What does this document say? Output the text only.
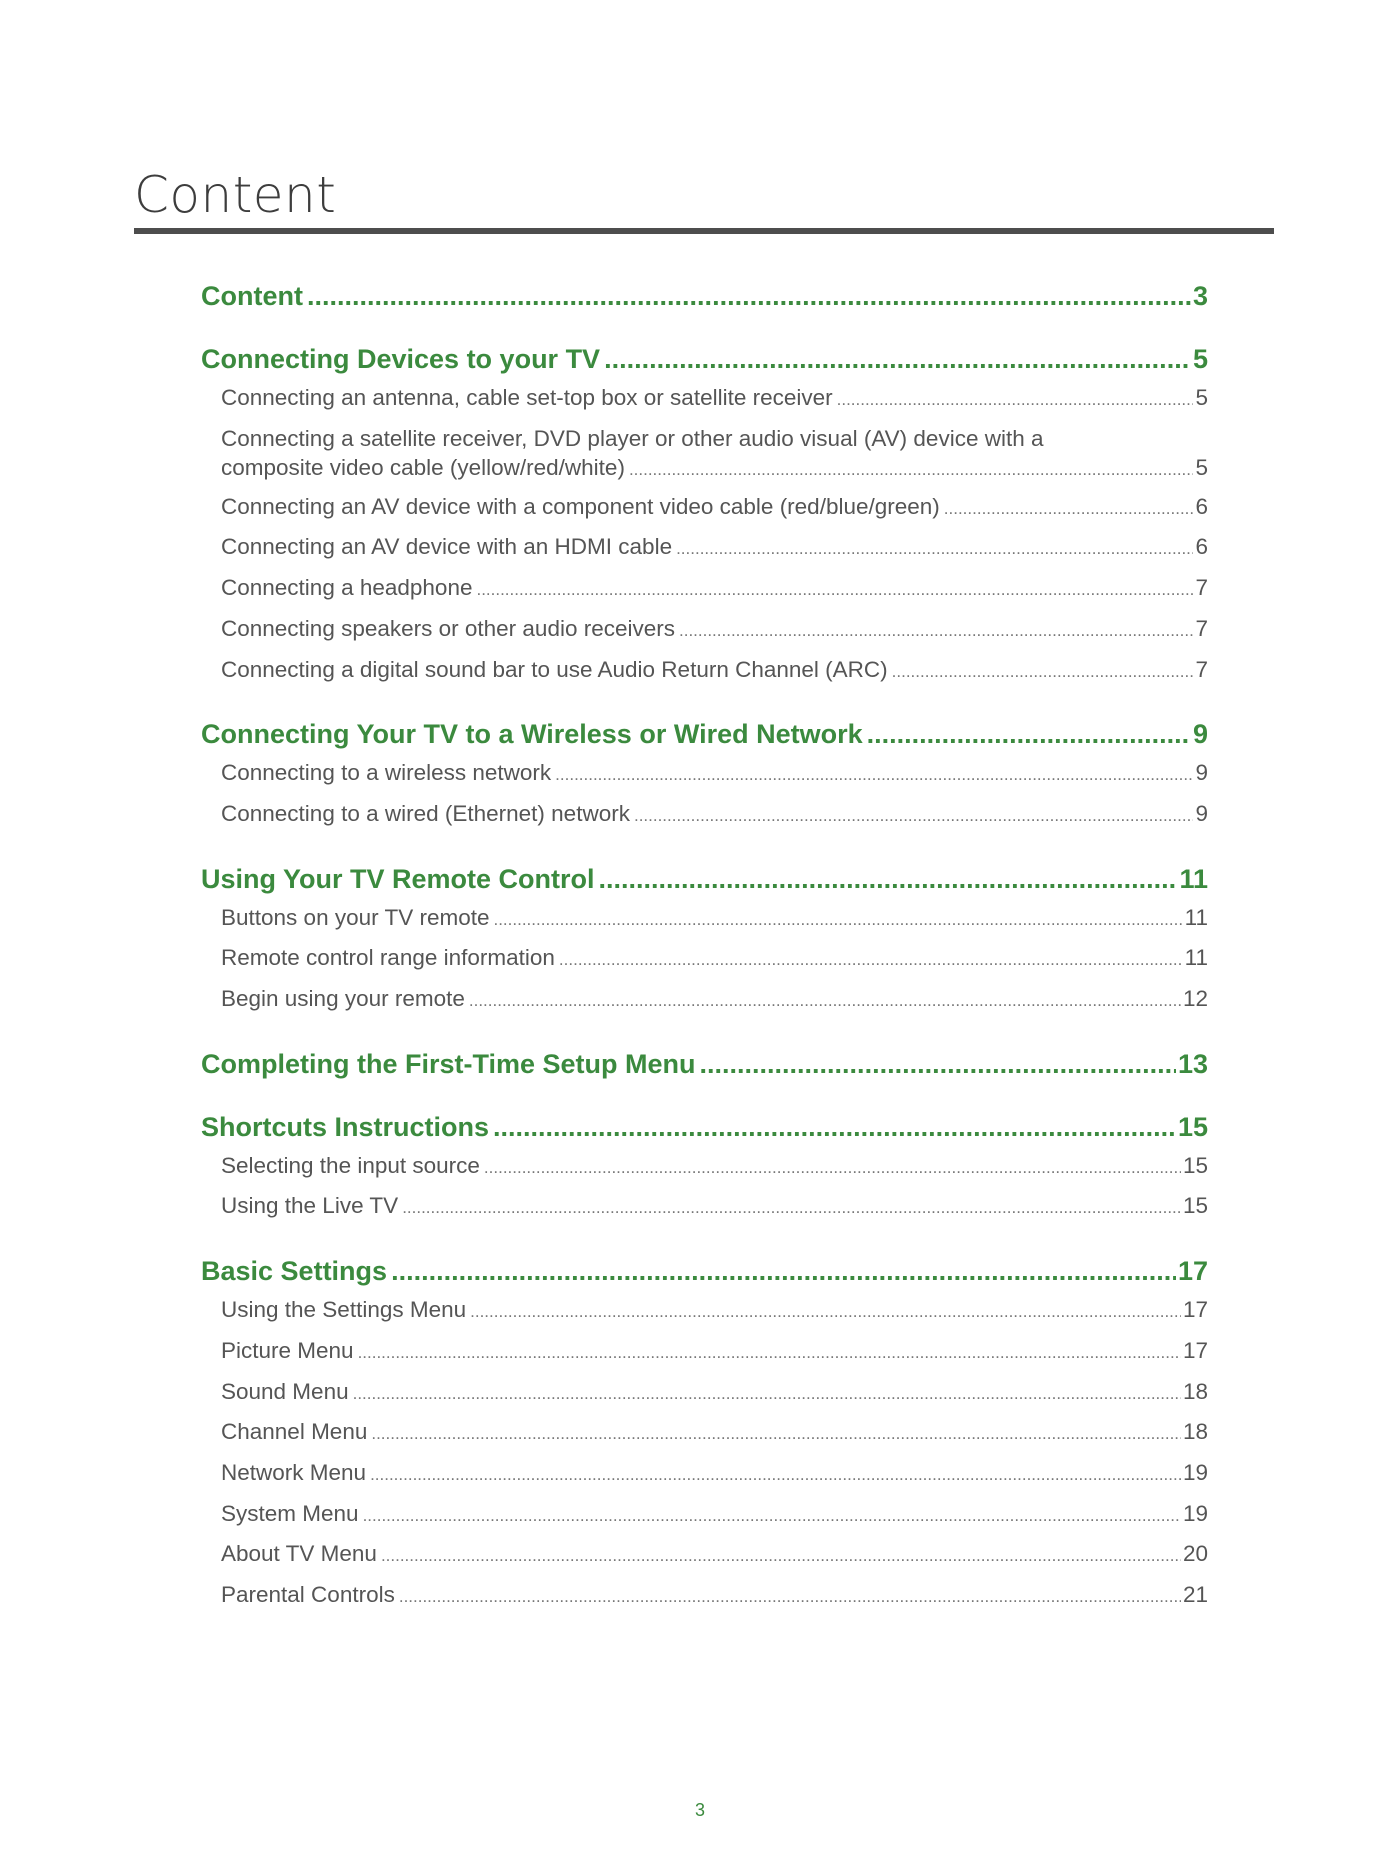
Content
Content .....	3
Connecting Devices to your TV .....	5
Connecting an antenna, cable set-top box or satellite receiver .....	5
Connecting a satellite receiver, DVD player or other audio visual (AV) device with a
composite video cable (yellow/red/white) .....	5
Connecting an AV device with a component video cable (red/blue/green) .....	6
Connecting an AV device with an HDMI cable .....	6
Connecting a headphone .....	7
Connecting speakers or other audio receivers .....	7
Connecting a digital sound bar to use Audio Return Channel (ARC) .....	7
Connecting Your TV to a Wireless or Wired Network .....	9
Connecting to a wireless network .....	9
Connecting to a wired (Ethernet) network .....	9
Using Your TV Remote Control .....	11
Buttons on your TV remote .....	11
Remote control range information .....	11
Begin using your remote .....	12
Completing the First-Time Setup Menu .....	13
Shortcuts Instructions .....	15
Selecting the input source .....	15
Using the Live TV .....	15
Basic Settings .....	17
Using the Settings Menu .....	17
Picture Menu .....	17
Sound Menu .....	18
Channel Menu .....	18
Network Menu .....	19
System Menu .....	19
About TV Menu .....	20
Parental Controls .....	21
3
